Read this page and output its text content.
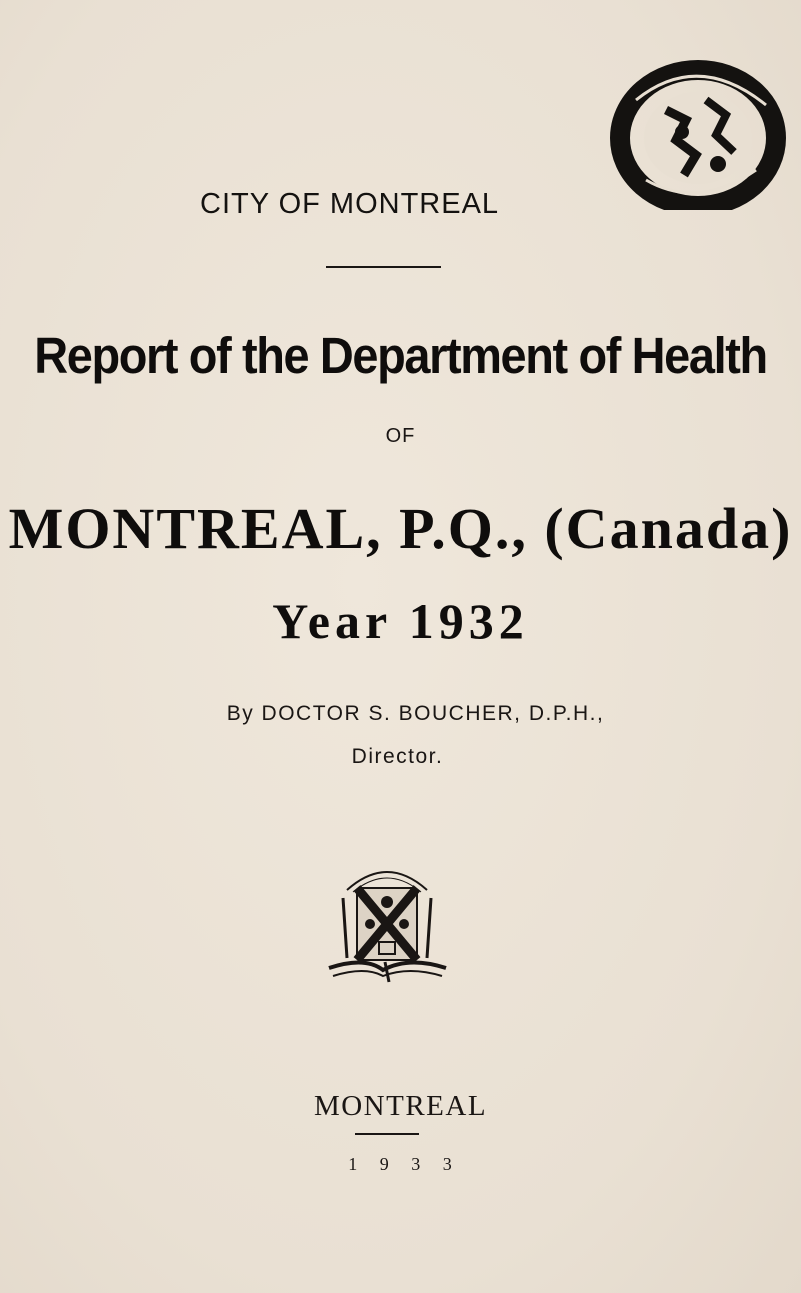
CITY OF MONTREAL
Report of the Department of Health
OF
MONTREAL, P.Q., (Canada)
Year 1932
By DOCTOR S. BOUCHER, D.P.H.,
Director.
MONTREAL
1 9 3 3
